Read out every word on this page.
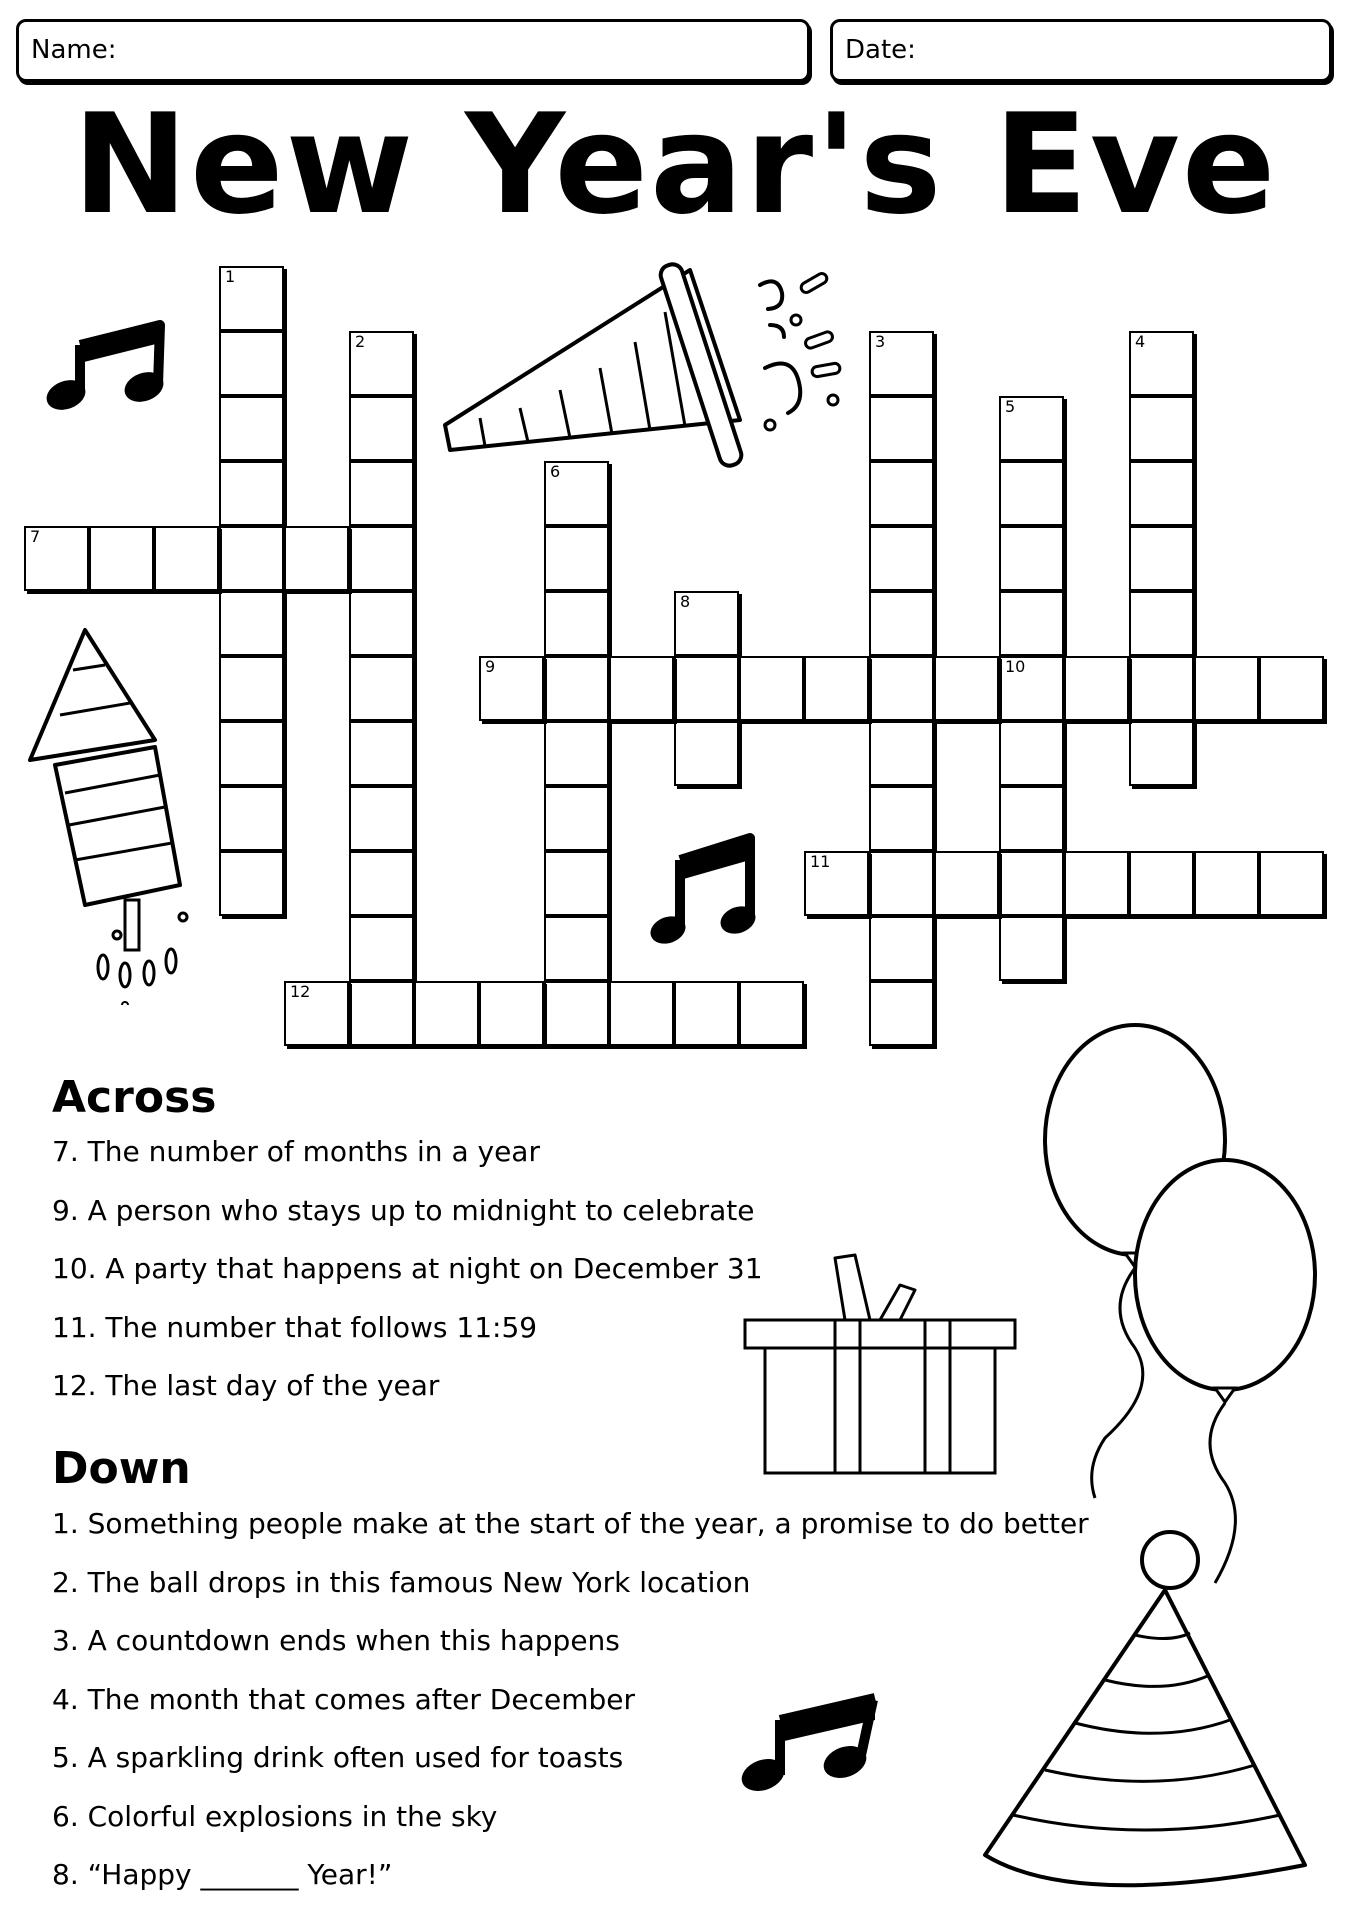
Name:	Date:
New Year's Eve
1
2	3	4
5
10
6
7
8
9
11
12
Across
7. The number of months in a year
9. A person who stays up to midnight to celebrate
10. A party that happens at night on December 31
11. The number that follows 11:59
12. The last day of the year
Down
1. Something people make at the start of the year, a promise to do better
2. The ball drops in this famous New York location
3. A countdown ends when this happens
4. The month that comes after December
5. A sparkling drink often used for toasts
6. Colorful explosions in the sky
8. “Happy _______ Year!”
